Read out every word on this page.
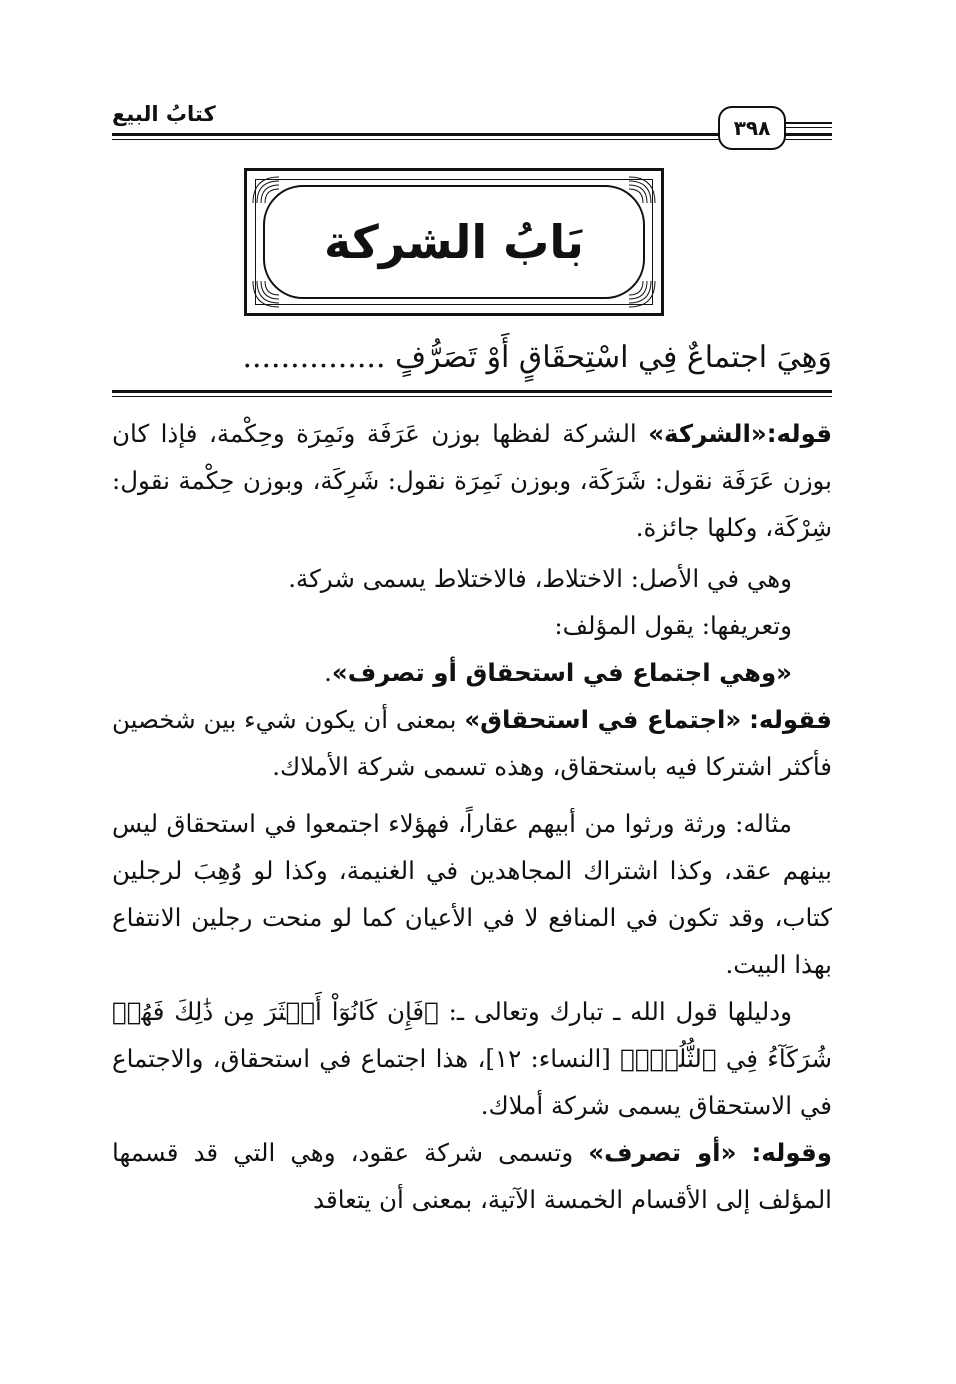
كتابُ البيع
٣٩٨
بَابُ الشركة
وَهِيَ اجتماعٌ فِي اسْتِحقَاقٍ أَوْ تَصَرُّفٍ ...............

قوله:«الشركة» الشركة لفظها بوزن عَرَفَة ونَمِرَة وحِكْمة، فإذا كان بوزن عَرَفَة نقول: شَرَكَة، وبوزن نَمِرَة نقول: شَرِكَة، وبوزن حِكْمة نقول: شِرْكَة، وكلها جائزة.

وهي في الأصل: الاختلاط، فالاختلاط يسمى شركة.

وتعريفها: يقول المؤلف:

«وهي اجتماع في استحقاق أو تصرف».

فقوله: «اجتماع في استحقاق» بمعنى أن يكون شيء بين شخصين فأكثر اشتركا فيه باستحقاق، وهذه تسمى شركة الأملاك.

مثاله: ورثة ورثوا من أبيهم عقاراً، فهؤلاء اجتمعوا في استحقاق ليس بينهم عقد، وكذا اشتراك المجاهدين في الغنيمة، وكذا لو وُهِبَ لرجلين كتاب، وقد تكون في المنافع لا في الأعيان كما لو منحت رجلين الانتفاع بهذا البيت.

ودليلها قول الله ـ تبارك وتعالى ـ: ﴿فَإِن كَانُوٓاْ أَكۡثَرَ مِن ذَٰلِكَ فَهُمۡ شُرَكَآءُ فِي ٱلثُّلُثِۚ﴾ [النساء: ١٢]، هذا اجتماع في استحقاق، والاجتماع في الاستحقاق يسمى شركة أملاك.

وقوله: «أو تصرف» وتسمى شركة عقود، وهي التي قد قسمها المؤلف إلى الأقسام الخمسة الآتية، بمعنى أن يتعاقد
